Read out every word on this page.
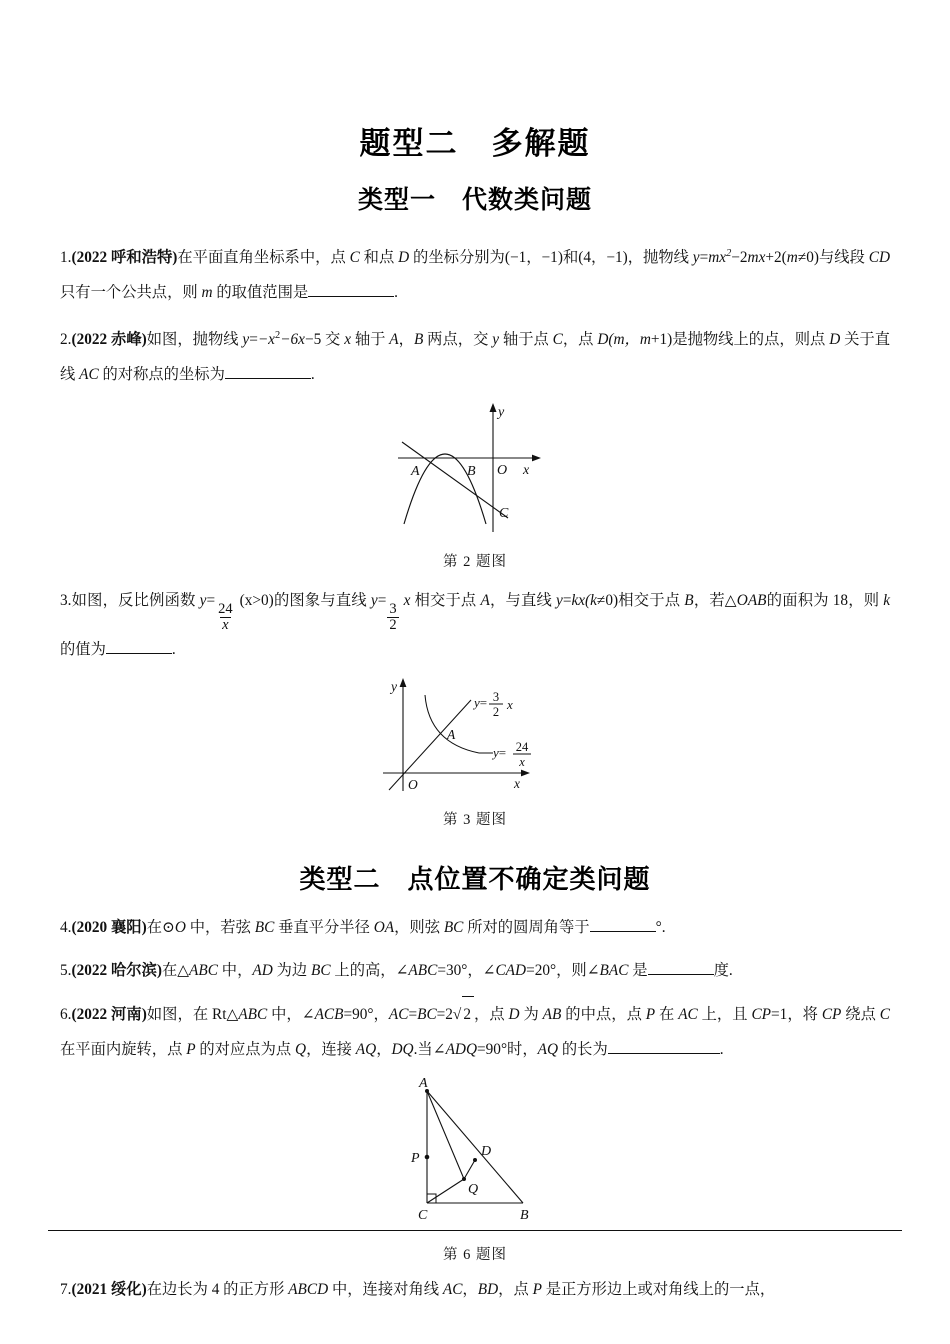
题型二　多解题
类型一　代数类问题
1.(2022 呼和浩特)在平面直角坐标系中，点 C 和点 D 的坐标分别为(−1，−1)和(4，−1)，抛物线 $y=mx^2-2mx+2(m\ne 0)$与线段 CD 只有一个公共点，则 m 的取值范围是	.
2.(2022 赤峰)如图，抛物线 $y=-x^2-6x-5$ 交 x 轴于 A，B 两点，交 y 轴于点 C，点 D(m，m+1)是抛物线上的点，则点 D 关于直线 AC 的对称点的坐标为	.
A	B O
C
x
y
第 2 题图
3.如图，反比例函数 y=
$\frac{24}{x}$
(x>0)的图象与直线 y=
$\frac{3}{2}$
x 相交于点 A，与直线 y=kx(k≠0)相交于点 B，若△OAB的面积为 18，则 k 的值为	.
A
O	x
y
y= 3
2 x
y= 24
x
第 3 题图
类型二　点位置不确定类问题
4.(2020 襄阳)在⊙O 中，若弦 BC 垂直平分半径 OA，则弦 BC 所对的圆周角等于	°.
5.(2022 哈尔滨)在△ABC 中，AD 为边 BC 上的高，∠ABC=30°，∠CAD=20°，则∠BAC 是	度.
6.(2022 河南)如图，在 Rt△ABC 中，∠ACB=90°，AC=BC=2√ 2 ，点 D 为 AB 的中点，点 P 在 AC 上，且 CP=1，将 CP 绕点 C 在平面内旋转，点 P 的对应点为点 Q，连接 AQ，DQ.当∠ADQ=90°时，AQ 的长为	.
A
D
P
Q
C	B
第 6 题图
7.(2021 绥化)在边长为 4 的正方形 ABCD 中，连接对角线 AC，BD，点 P 是正方形边上或对角线上的一点，
